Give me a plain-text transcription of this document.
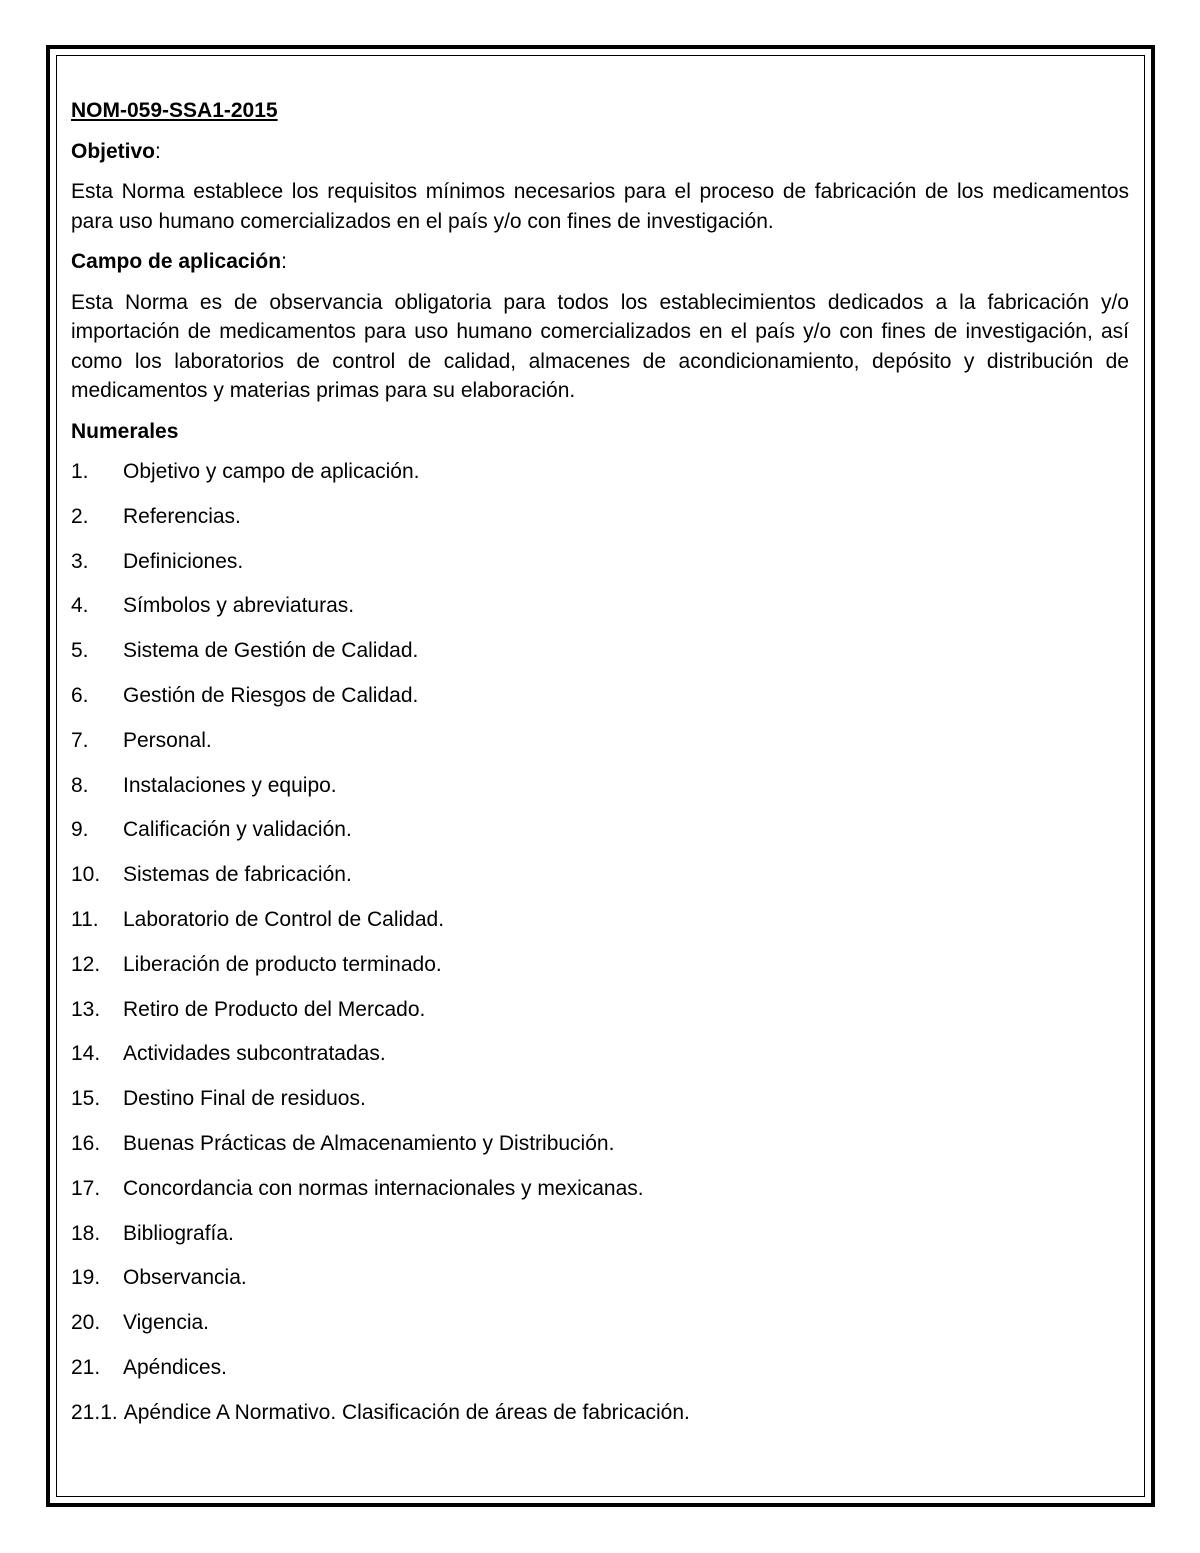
NOM-059-SSA1-2015
Objetivo:
Esta Norma establece los requisitos mínimos necesarios para el proceso de fabricación de los medicamentos para uso humano comercializados en el país y/o con fines de investigación.
Campo de aplicación:
Esta Norma es de observancia obligatoria para todos los establecimientos dedicados a la fabricación y/o importación de medicamentos para uso humano comercializados en el país y/o con fines de investigación, así como los laboratorios de control de calidad, almacenes de acondicionamiento, depósito y distribución de medicamentos y materias primas para su elaboración.
Numerales
1. Objetivo y campo de aplicación.
2. Referencias.
3. Definiciones.
4. Símbolos y abreviaturas.
5. Sistema de Gestión de Calidad.
6. Gestión de Riesgos de Calidad.
7. Personal.
8. Instalaciones y equipo.
9. Calificación y validación.
10. Sistemas de fabricación.
11. Laboratorio de Control de Calidad.
12. Liberación de producto terminado.
13. Retiro de Producto del Mercado.
14. Actividades subcontratadas.
15. Destino Final de residuos.
16. Buenas Prácticas de Almacenamiento y Distribución.
17. Concordancia con normas internacionales y mexicanas.
18. Bibliografía.
19. Observancia.
20. Vigencia.
21. Apéndices.
21.1. Apéndice A Normativo. Clasificación de áreas de fabricación.
